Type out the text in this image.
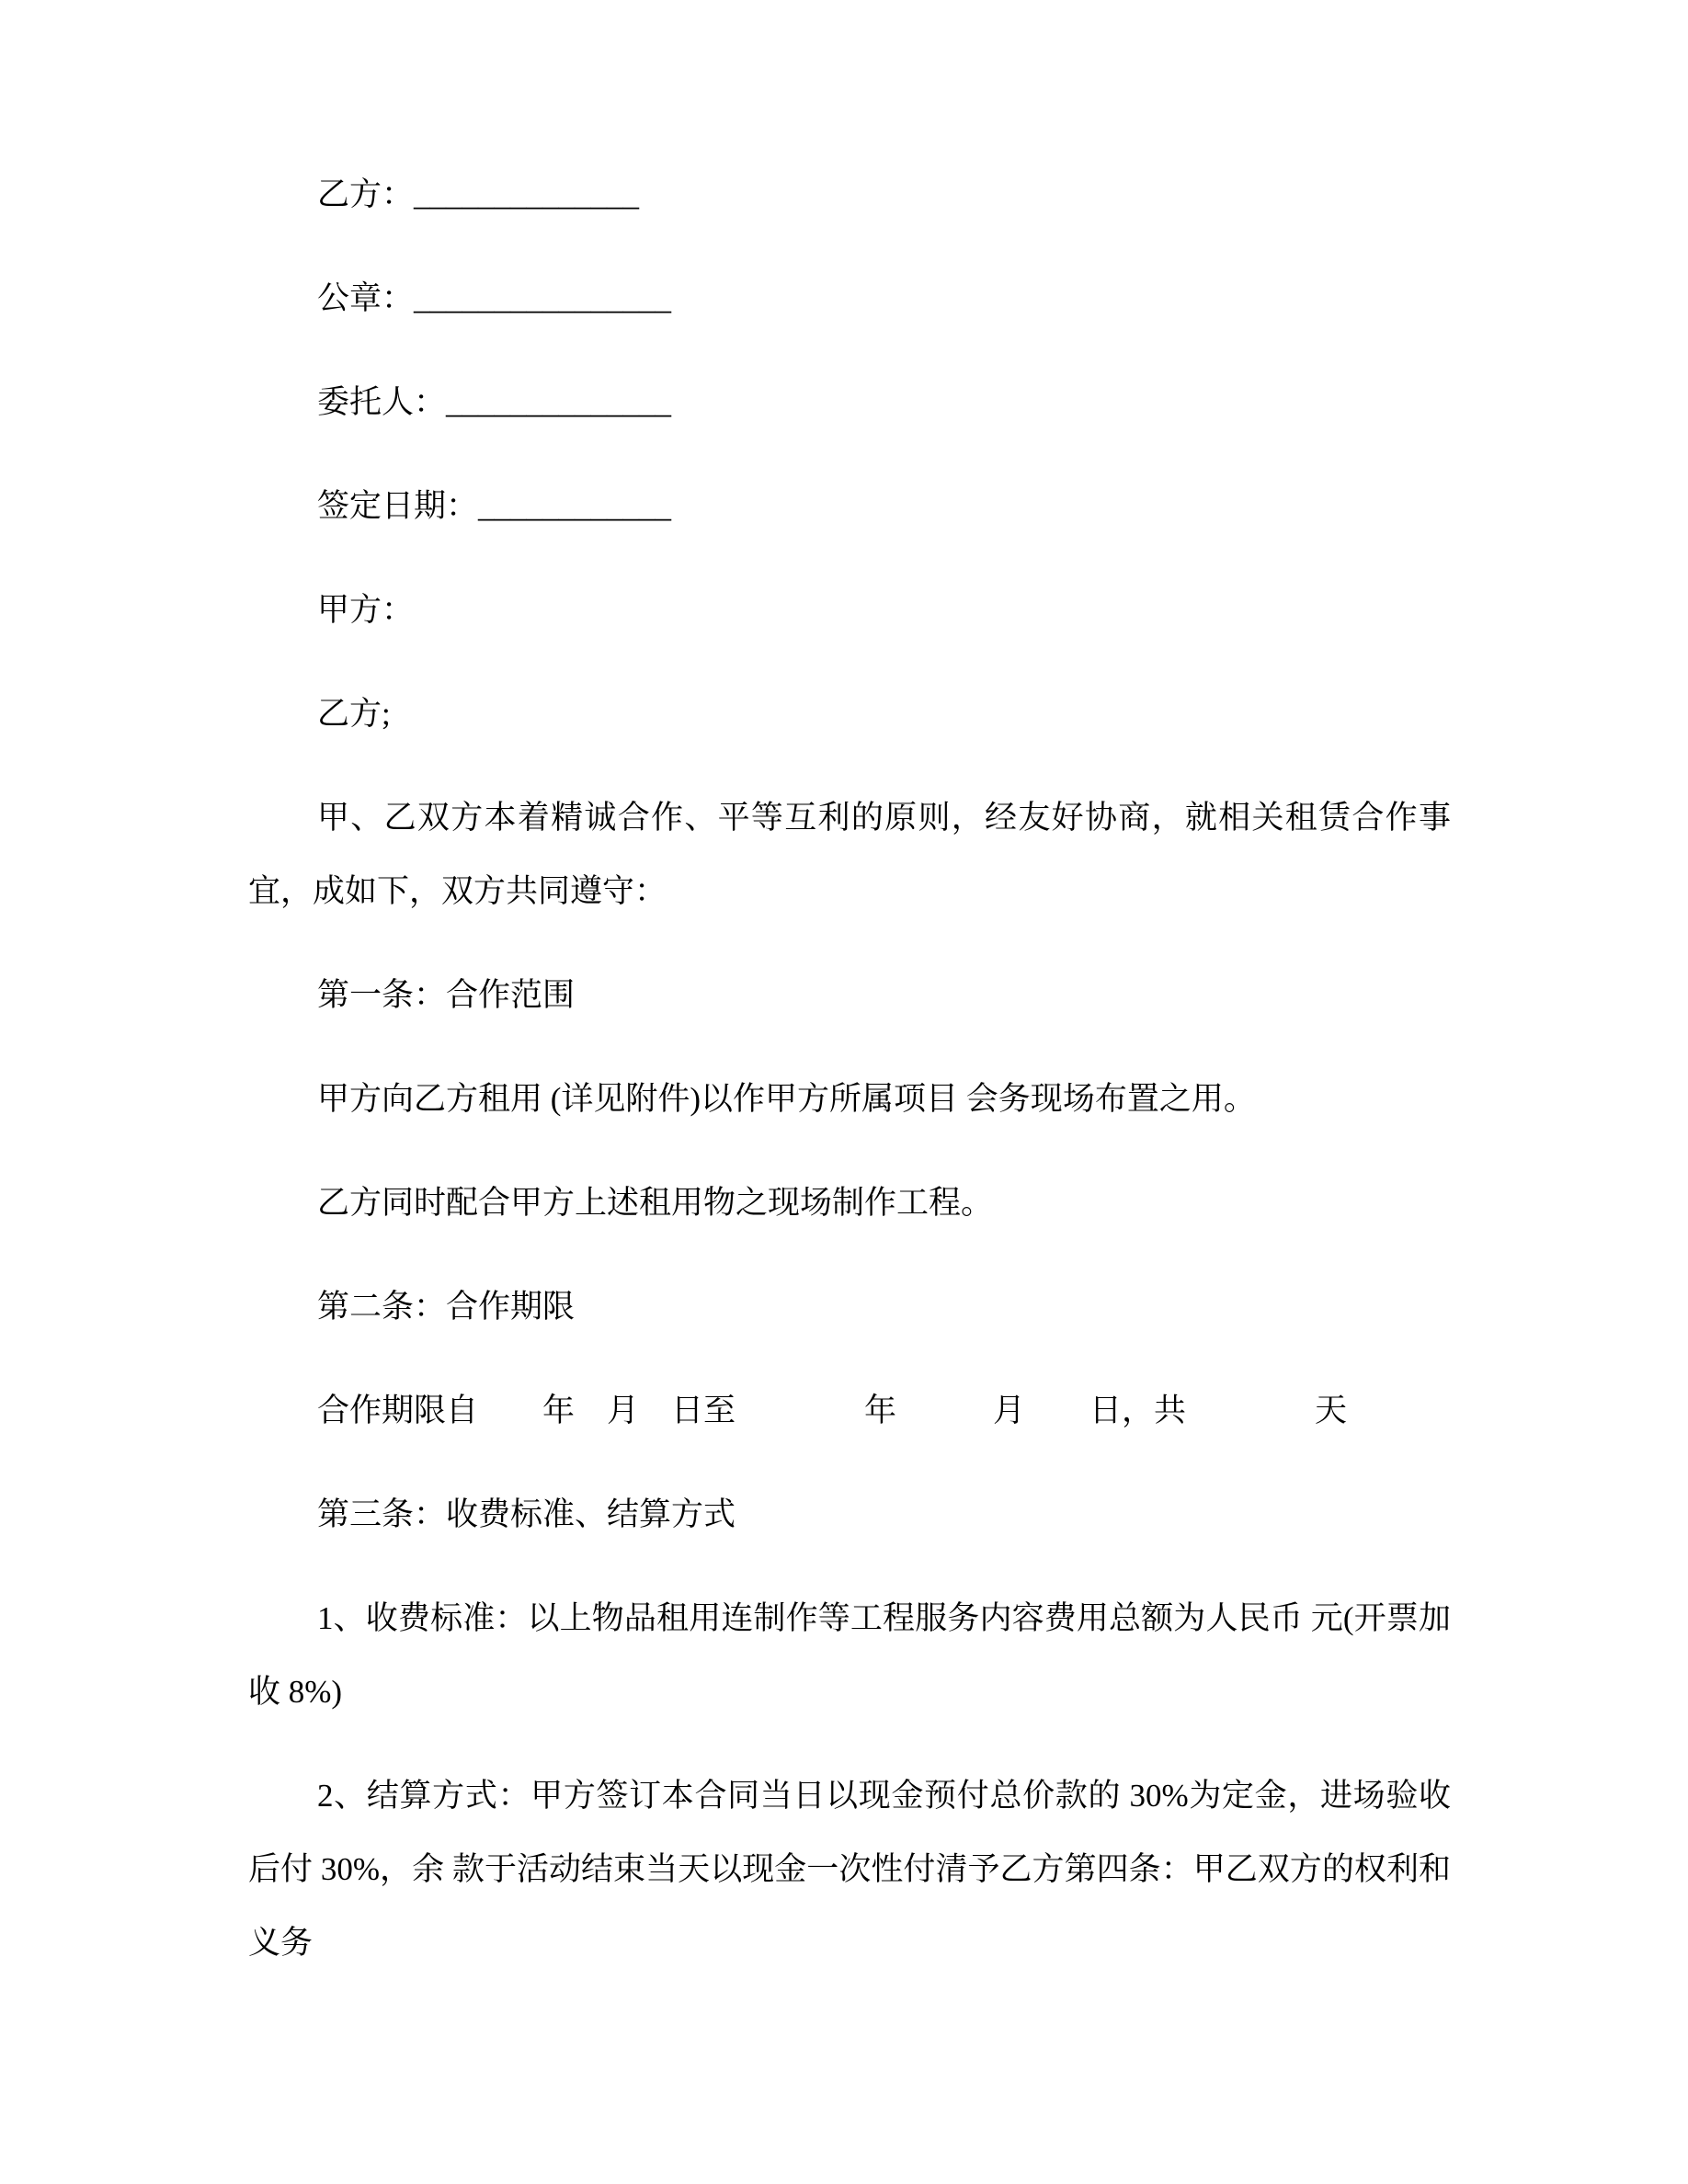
乙方：______________

公章：________________

委托人：______________

签定日期：____________

甲方：

乙方;

甲、乙双方本着精诚合作、平等互利的原则，经友好协商，就相关租赁合作事宜，成如下，双方共同遵守：

第一条：合作范围

甲方向乙方租用 (详见附件)以作甲方所属项目 会务现场布置之用。

乙方同时配合甲方上述租用物之现场制作工程。

第二条：合作期限

合作期限自　　年　月　日至　　　　年　　　月　　日，共　　　　天

第三条：收费标准、结算方式

1、收费标准：以上物品租用连制作等工程服务内容费用总额为人民币 元(开票加收 8%)

2、结算方式：甲方签订本合同当日以现金预付总价款的 30%为定金，进场验收后付 30%，余 款于活动结束当天以现金一次性付清予乙方第四条：甲乙双方的权利和义务
